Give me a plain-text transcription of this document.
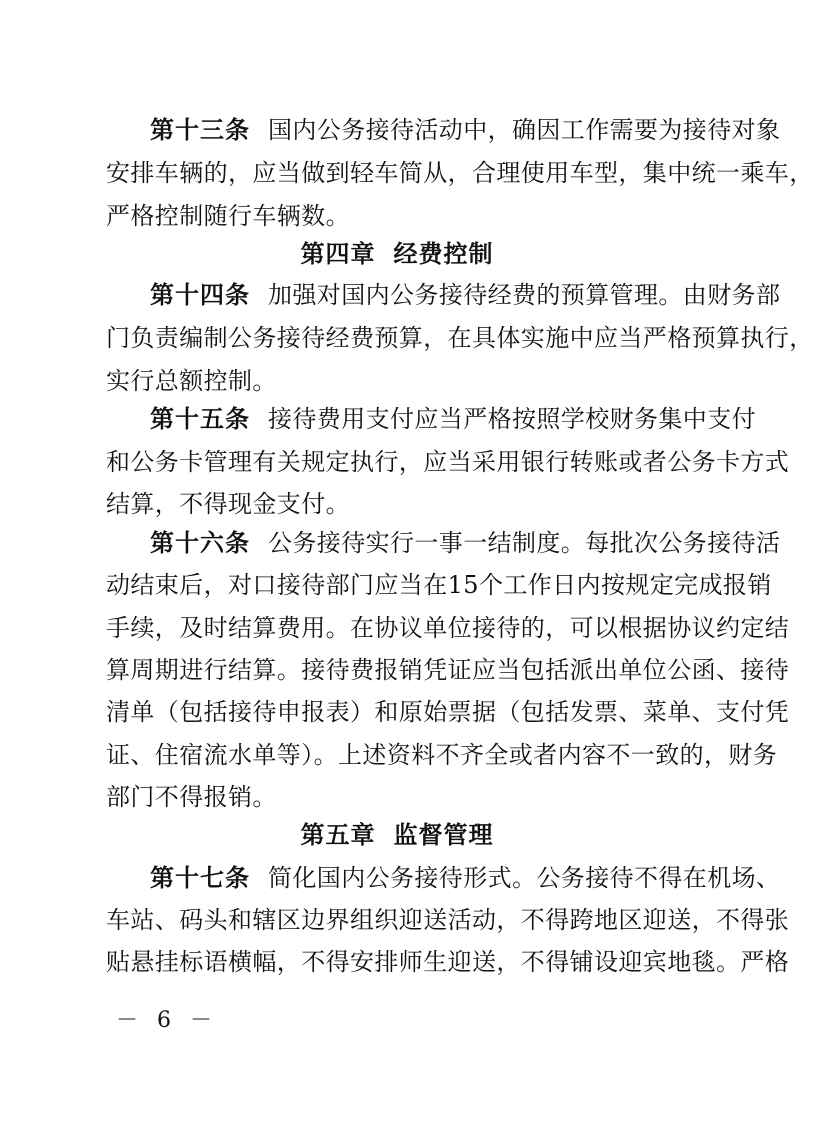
第十三条 国内公务接待活动中，确因工作需要为接待对象
安排车辆的，应当做到轻车简从，合理使用车型，集中统一乘车，
严格控制随行车辆数。
第四章 经费控制
第十四条 加强对国内公务接待经费的预算管理。由财务部
门负责编制公务接待经费预算，在具体实施中应当严格预算执行，
实行总额控制。
第十五条 接待费用支付应当严格按照学校财务集中支付
和公务卡管理有关规定执行，应当采用银行转账或者公务卡方式
结算，不得现金支付。
第十六条 公务接待实行一事一结制度。每批次公务接待活
动结束后，对口接待部门应当在15个工作日内按规定完成报销
手续，及时结算费用。在协议单位接待的，可以根据协议约定结
算周期进行结算。接待费报销凭证应当包括派出单位公函、接待
清单（包括接待申报表）和原始票据（包括发票、菜单、支付凭
证、住宿流水单等）。上述资料不齐全或者内容不一致的，财务
部门不得报销。
第五章 监督管理
第十七条 简化国内公务接待形式。公务接待不得在机场、
车站、码头和辖区边界组织迎送活动，不得跨地区迎送，不得张
贴悬挂标语横幅，不得安排师生迎送，不得铺设迎宾地毯。严格
－ 6 －
